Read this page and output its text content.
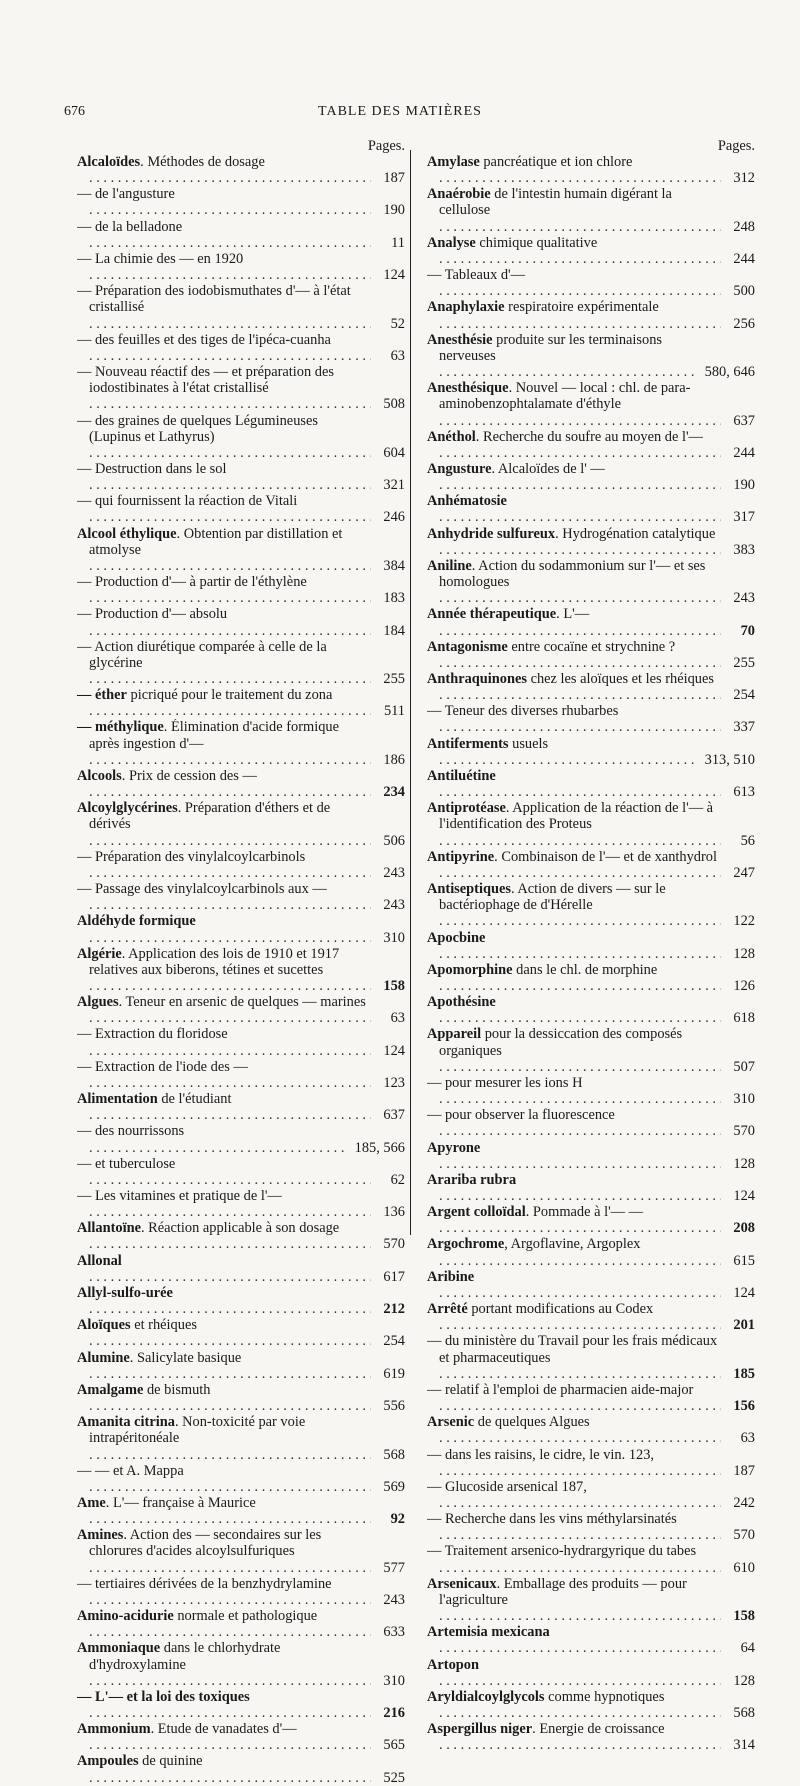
676	TABLE DES MATIÈRES
Pages.
Alcaloïdes. Méthodes de dosage . . .
187
— de l'angusture . . .
190
— de la belladone . . .
11
— La chimie des — en 1920 . . .
124
— Préparation des iodobismuthates d'— à l'état cristallisé . . .
52
— des feuilles et des tiges de l'ipéca-cuanha . . .
63
— Nouveau réactif des — et préparation des iodostibinates à l'état cristallisé . . .
508
— des graines de quelques Légumineuses (Lupinus et Lathyrus) . . .
604
— Destruction dans le sol . . .
321
— qui fournissent la réaction de Vitali . . .
246
Alcool éthylique. Obtention par distillation et atmolyse . . .
384
— Production d'— à partir de l'éthylène . . .
183
— Production d'— absolu . . .
184
— Action diurétique comparée à celle de la glycérine . . .
255
— éther picriqué pour le traitement du zona . . .
511
— méthylique. Élimination d'acide formique après ingestion d'— . . .
186
Alcools. Prix de cession des — . . .
234
Alcoylglycérines. Préparation d'éthers et de dérivés . . .
506
— Préparation des vinylalcoylcarbinols . . .
243
— Passage des vinylalcoylcarbinols aux — . . .
243
Aldéhyde formique . . .
310
Algérie. Application des lois de 1910 et 1917 relatives aux biberons, tétines et sucettes . . .
158
Algues. Teneur en arsenic de quelques — marines . . .
63
— Extraction du floridose . . .
124
— Extraction de l'iode des — . . .
123
Alimentation de l'étudiant . . .
637
— des nourrissons . . .
185, 566
— et tuberculose . . .
62
— Les vitamines et pratique de l'— . . .
136
Allantoïne. Réaction applicable à son dosage . . .
570
Allonal . . .
617
Allyl-sulfo-urée . . .
212
Aloïques et rhéiques . . .
254
Alumine. Salicylate basique . . .
619
Amalgame de bismuth . . .
556
Amanita citrina. Non-toxicité par voie intrapéritonéale . . .
568
— — et A. Mappa . . .
569
Ame. L'— française à Maurice . . .
92
Amines. Action des — secondaires sur les chlorures d'acides alcoylsulfuriques . . .
577
— tertiaires dérivées de la benzhydrylamine . . .
243
Amino-acidurie normale et pathologique . . .
633
Ammoniaque dans le chlorhydrate d'hydroxylamine . . .
310
— L'— et la loi des toxiques . . .
216
Ammonium. Etude de vanadates d'— . . .
565
Ampoules de quinine . . .
525
Pages.
Amylase pancréatique et ion chlore . . .
312
Anaérobie de l'intestin humain digérant la cellulose . . .
248
Analyse chimique qualitative . . .
244
— Tableaux d'— . . .
500
Anaphylaxie respiratoire expérimentale . . .
256
Anesthésie produite sur les terminaisons nerveuses . . .
580, 646
Anesthésique. Nouvel — local : chl. de para-aminobenzophtalamate d'éthyle . . .
637
Anéthol. Recherche du soufre au moyen de l'— . . .
244
Angusture. Alcaloïdes de l' — . . .
190
Anhématosie . . .
317
Anhydride sulfureux. Hydrogénation catalytique . . .
383
Aniline. Action du sodammonium sur l'— et ses homologues . . .
243
Année thérapeutique. L'— . . .
70
Antagonisme entre cocaïne et strychnine ? . . .
255
Anthraquinones chez les aloïques et les rhéiques . . .
254
— Teneur des diverses rhubarbes . . .
337
Antiferments usuels . . .
313, 510
Antiluétine . . .
613
Antiprotéase. Application de la réaction de l'— à l'identification des Proteus . . .
56
Antipyrine. Combinaison de l'— et de xanthydrol . . .
247
Antiseptiques. Action de divers — sur le bactériophage de d'Hérelle . . .
122
Apocbine . . .
128
Apomorphine dans le chl. de morphine . . .
126
Apothésine . . .
618
Appareil pour la dessiccation des composés organiques . . .
507
— pour mesurer les ions H . . .
310
— pour observer la fluorescence . . .
570
Apyrone . . .
128
Arariba rubra . . .
124
Argent colloïdal. Pommade à l'— — . . .
208
Argochrome, Argoflavine, Argoplex . . .
615
Aribine . . .
124
Arrêté portant modifications au Codex . . .
201
— du ministère du Travail pour les frais médicaux et pharmaceutiques . . .
185
— relatif à l'emploi de pharmacien aide-major . . .
156
Arsenic de quelques Algues . . .
63
— dans les raisins, le cidre, le vin. 123, . . .
187
— Glucoside arsenical 187, . . .
242
— Recherche dans les vins méthylarsinatés . . .
570
— Traitement arsenico-hydrargyrique du tabes . . .
610
Arsenicaux. Emballage des produits — pour l'agriculture . . .
158
Artemisia mexicana . . .
64
Artopon . . .
128
Aryldialcoylglycols comme hypnotiques . . .
568
Aspergillus niger. Energie de croissance . . .
314
